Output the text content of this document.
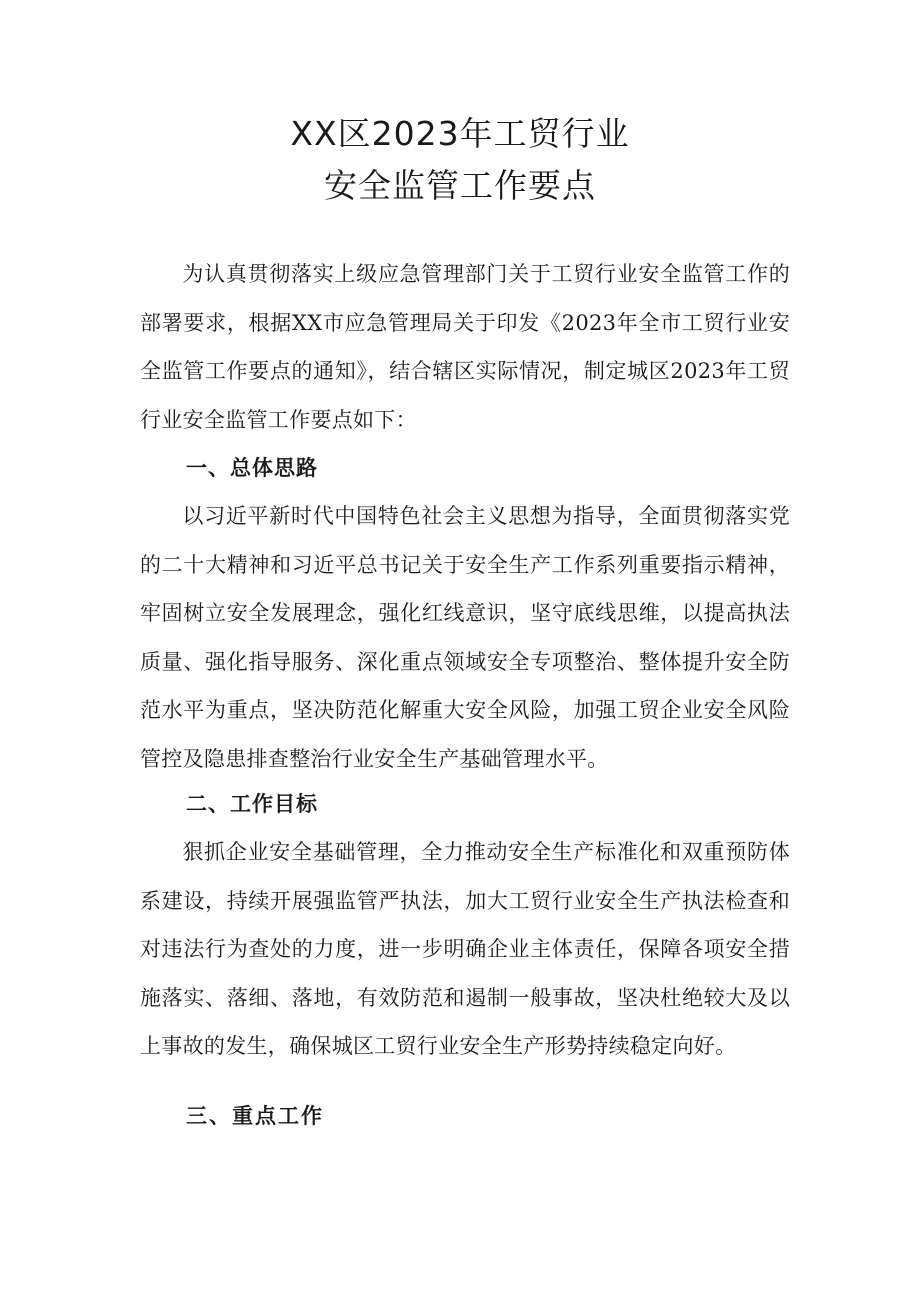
XX区2023年工贸行业
安全监管工作要点

为认真贯彻落实上级应急管理部门关于工贸行业安全监管工作的部署要求，根据XX市应急管理局关于印发《2023年全市工贸行业安全监管工作要点的通知》，结合辖区实际情况，制定城区2023年工贸行业安全监管工作要点如下：

一、总体思路

以习近平新时代中国特色社会主义思想为指导，全面贯彻落实党的二十大精神和习近平总书记关于安全生产工作系列重要指示精神，牢固树立安全发展理念，强化红线意识，坚守底线思维，以提高执法质量、强化指导服务、深化重点领域安全专项整治、整体提升安全防范水平为重点，坚决防范化解重大安全风险，加强工贸企业安全风险管控及隐患排查整治行业安全生产基础管理水平。

二、工作目标

狠抓企业安全基础管理，全力推动安全生产标准化和双重预防体系建设，持续开展强监管严执法，加大工贸行业安全生产执法检查和对违法行为查处的力度，进一步明确企业主体责任，保障各项安全措施落实、落细、落地，有效防范和遏制一般事故，坚决杜绝较大及以上事故的发生，确保城区工贸行业安全生产形势持续稳定向好。

三、重点工作
